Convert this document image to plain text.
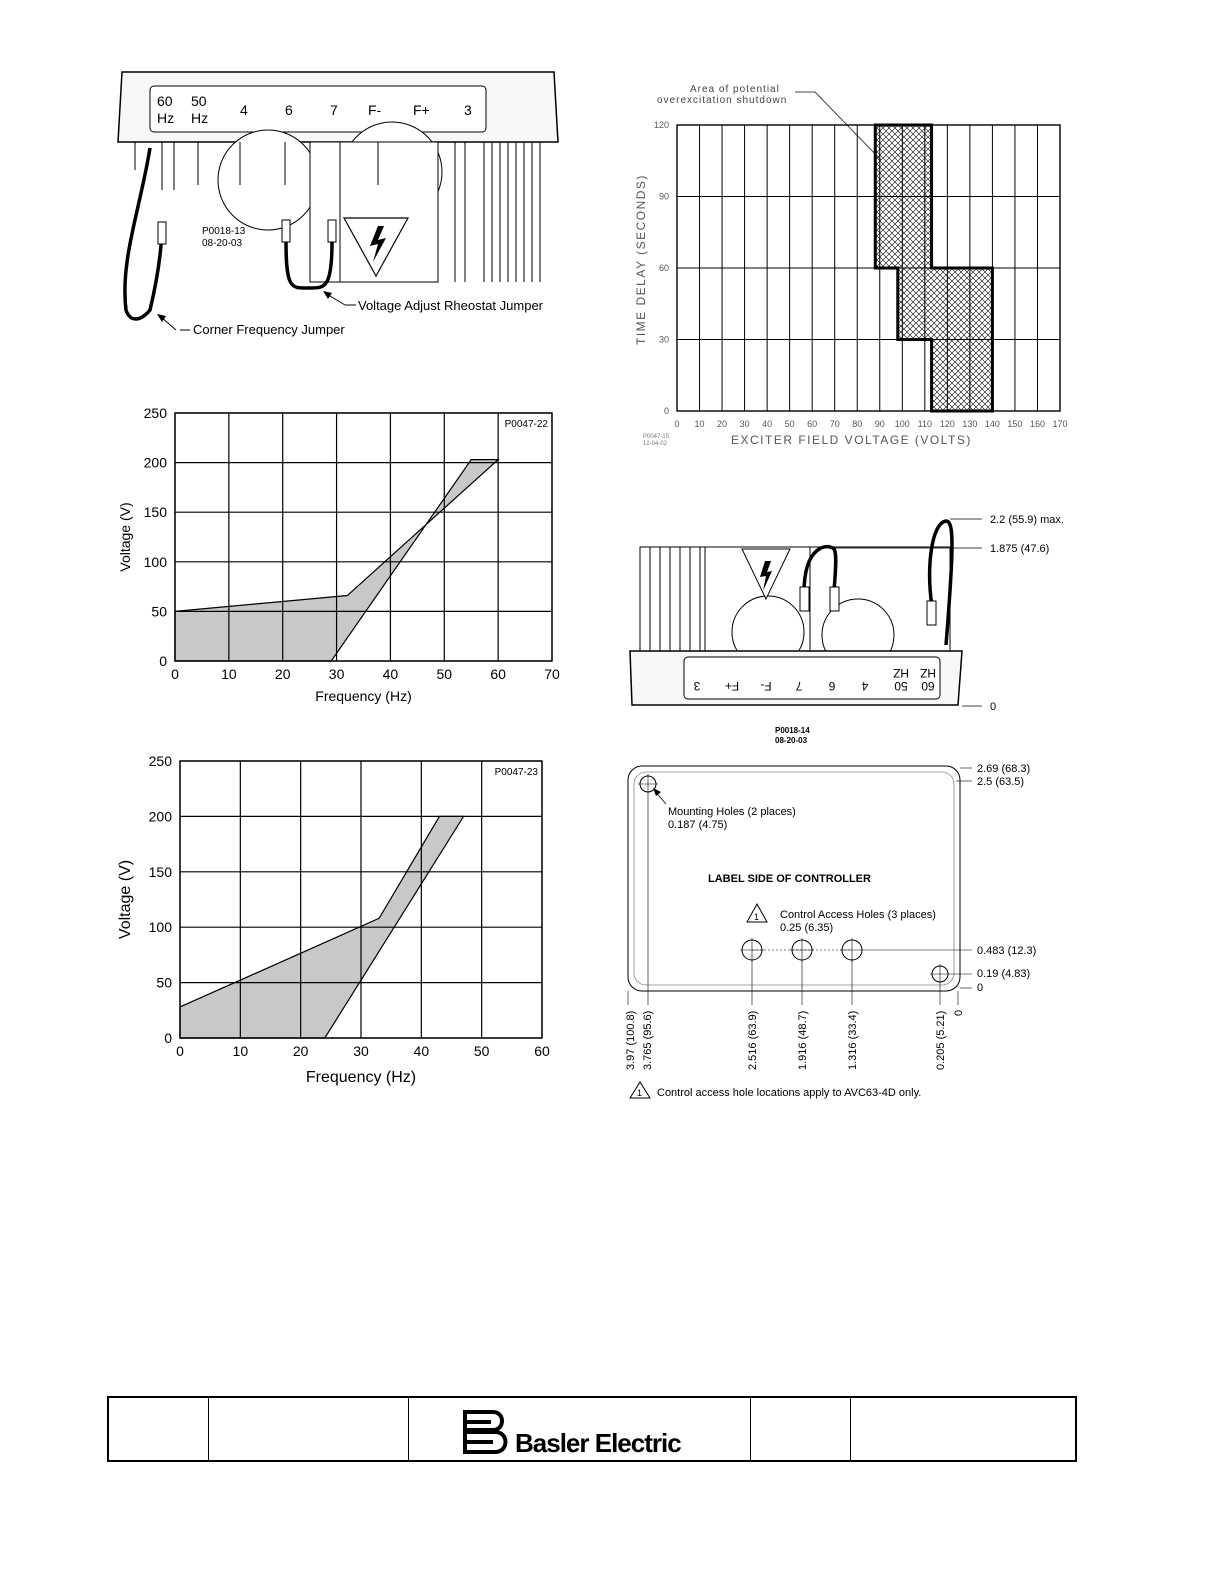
60
Hz
50
Hz 4	6	7 F- F+ 3
P0018-13
08-20-03
Voltage Adjust Rheostat Jumper
Corner Frequency Jumper
Area of potential
overexcitation shutdown
0 10 20 30 40 50 60 70 80 90 100 110 120 130 140 150 160 170
0
30
60
90
120
TIME DELAY (SECONDS)
EXCITER FIELD VOLTAGE (VOLTS)
P0047-15
12-04-02
0	10	20	30	40	50	60	70
0
50
100
150
200
250
Frequency (Hz)
Voltage (V)
P0047-22
0	10	20	30	40	50	60
0
50
100
150
200
250
Frequency (Hz)
Voltage (V)
P0047-23
3 F+ F- 7 6 4 50 60
HZ HZ
2.2 (55.9) max.
1.875 (47.6)
0
P0018-14
08-20-03
Mounting Holes (2 places)
0.187 (4.75)
LABEL SIDE OF CONTROLLER
1 Control Access Holes (3 places)
0.25 (6.35)
2.69 (68.3)
2.5 (63.5)
0.483 (12.3)
0.19 (4.83)
0
3.97 (100.8) 3.765 (95.6)	2.516 (63.9)	1.916 (48.7)	1.316 (33.4)	0.205 (5.21) 0
1 Control access hole locations apply to AVC63-4D only.
Basler Electric
